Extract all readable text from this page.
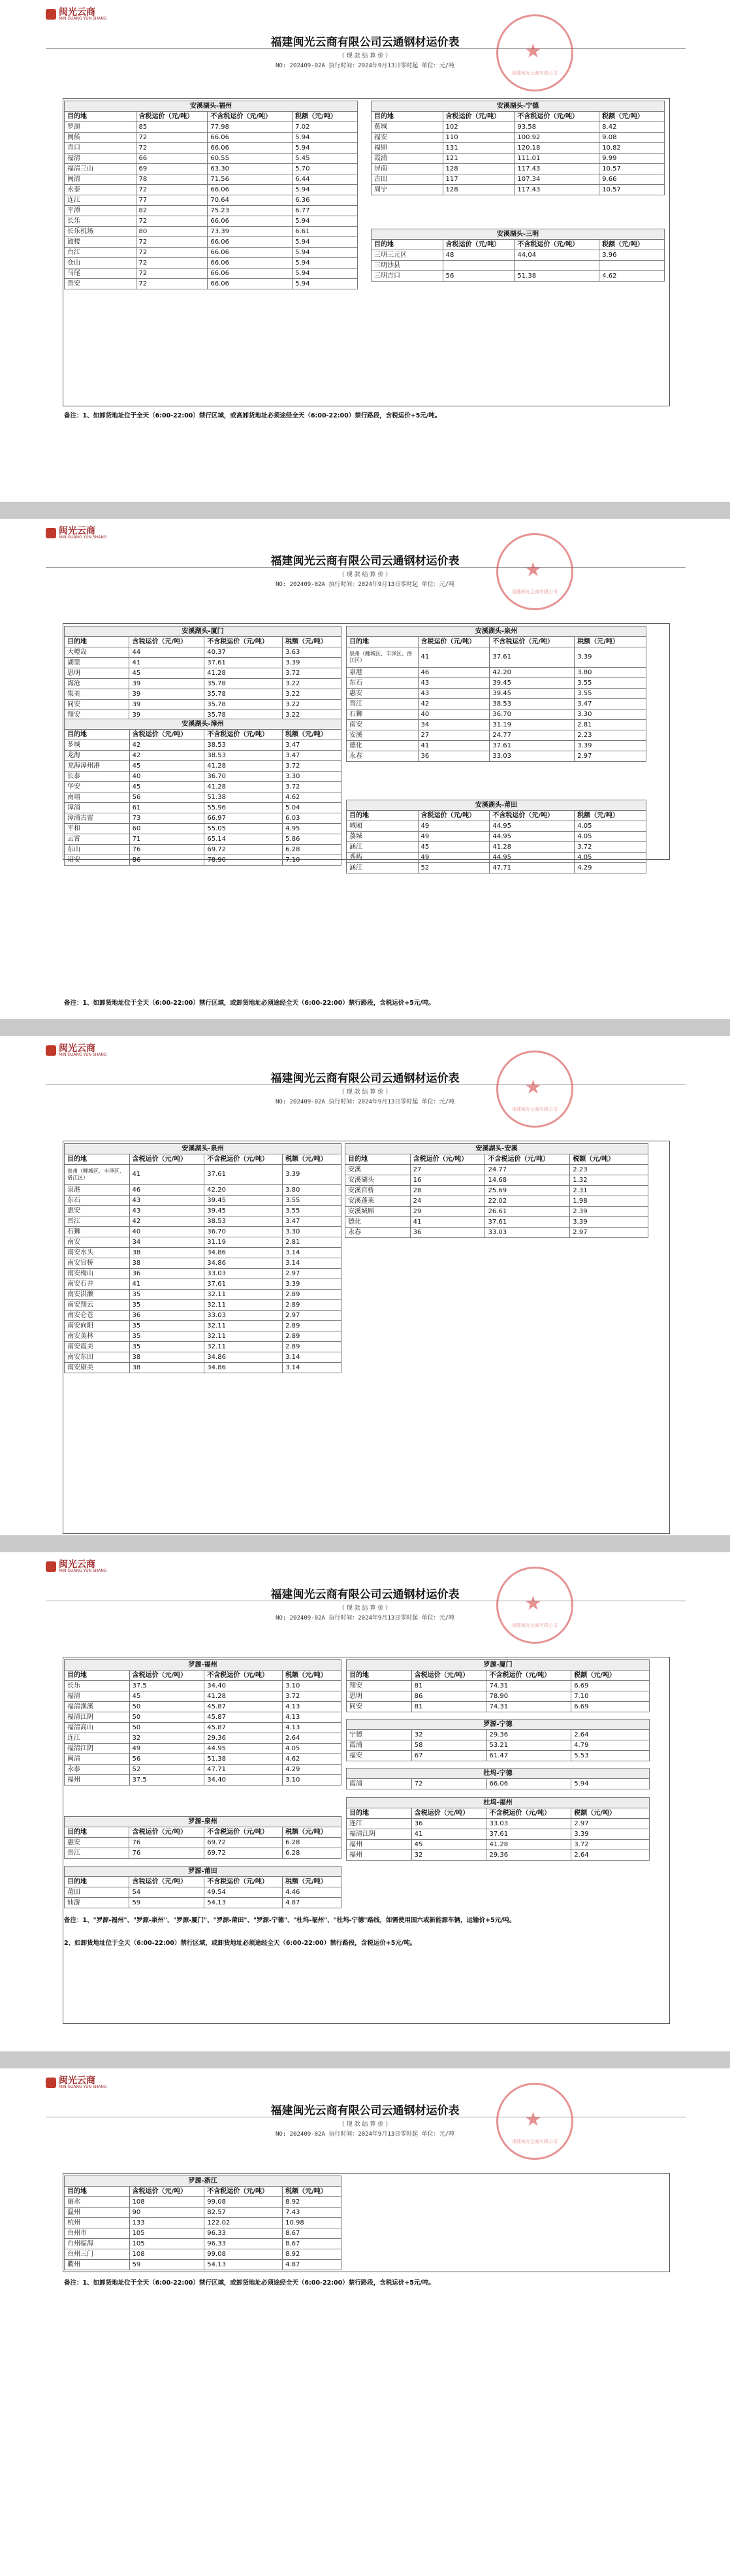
闽光云商
MIN GUANG YUN SHANG
福建闽光云商有限公司云通钢材运价表
（ 现 款 结 算 价 ）
NO: 202409-02A 执行时间：2024年9月13日零时起 单位：元/吨
★
福建闽光云商有限公司
安溪湖头-福州			
目的地	含税运价（元/吨）	不含税运价（元/吨）	税额（元/吨）
罗源	85	77.98	7.02
闽候	72	66.06	5.94
青口	72	66.06	5.94
福清	66	60.55	5.45
福清三山	69	63.30	5.70
闽清	78	71.56	6.44
永泰	72	66.06	5.94
连江	77	70.64	6.36
平潭	82	75.23	6.77
长乐	72	66.06	5.94
长乐机场	80	73.39	6.61
鼓楼	72	66.06	5.94
台江	72	66.06	5.94
仓山	72	66.06	5.94
马尾	72	66.06	5.94
晋安	72	66.06	5.94
安溪湖头-宁德			
目的地	含税运价（元/吨）	不含税运价（元/吨）	税额（元/吨）
蕉城	102	93.58	8.42
福安	110	100.92	9.08
福鼎	131	120.18	10.82
霞浦	121	111.01	9.99
屏南	128	117.43	10.57
古田	117	107.34	9.66
周宁	128	117.43	10.57
安溪湖头-三明			
目的地	含税运价（元/吨）	不含税运价（元/吨）	税额（元/吨）
三明三元区	48	44.04	3.96
三明沙县			
三明吉口	56	51.38	4.62
备注：1、如卸货地址位于全天（6:00-22:00）禁行区域，或高卸货地址必须途经全天（6:00-22:00）禁行路段，含税运价+5元/吨。
闽光云商
MIN GUANG YUN SHANG
福建闽光云商有限公司云通钢材运价表
（ 现 款 结 算 价 ）
NO: 202409-02A 执行时间：2024年9月13日零时起 单位：元/吨
★
福建闽光云商有限公司
安溪湖头-厦门			
目的地	含税运价（元/吨）	不含税运价（元/吨）	税额（元/吨）
大嶝岛	44	40.37	3.63
湖里	41	37.61	3.39
思明	45	41.28	3.72
海沧	39	35.78	3.22
集美	39	35.78	3.22
同安	39	35.78	3.22
翔安	39	35.78	3.22
安溪湖头-漳州			
目的地	含税运价（元/吨）	不含税运价（元/吨）	税额（元/吨）
芗城	42	38.53	3.47
龙海	42	38.53	3.47
龙海漳州港	45	41.28	3.72
长泰	40	36.70	3.30
华安	45	41.28	3.72
南靖	56	51.38	4.62
漳浦	61	55.96	5.04
漳浦古雷	73	66.97	6.03
平和	60	55.05	4.95
云霄	71	65.14	5.86
东山	76	69.72	6.28
诏安	86	78.90	7.10
安溪湖头-泉州			
目的地	含税运价（元/吨）	不含税运价（元/吨）	税额（元/吨）
泉州（鲤城区、丰泽区、洛江区）	41	37.61	3.39
泉港	46	42.20	3.80
东石	43	39.45	3.55
惠安	43	39.45	3.55
晋江	42	38.53	3.47
石狮	40	36.70	3.30
南安	34	31.19	2.81
安溪	27	24.77	2.23
德化	41	37.61	3.39
永春	36	33.03	2.97
安溪湖头-莆田			
目的地	含税运价（元/吨）	不含税运价（元/吨）	税额（元/吨）
城厢	49	44.95	4.05
荔城	49	44.95	4.05
涵江	45	41.28	3.72
秀屿	49	44.95	4.05
涵江	52	47.71	4.29
备注：1、如卸货地址位于全天（6:00-22:00）禁行区域，或卸货地址必须途经全天（6:00-22:00）禁行路段，含税运价+5元/吨。
闽光云商
MIN GUANG YUN SHANG
福建闽光云商有限公司云通钢材运价表
（ 现 款 结 算 价 ）
NO: 202409-02A 执行时间：2024年9月13日零时起 单位：元/吨
★
福建闽光云商有限公司
安溪湖头-泉州			
目的地	含税运价（元/吨）	不含税运价（元/吨）	税额（元/吨）
泉州（鲤城区、丰泽区、洛江区）	41	37.61	3.39
泉港	46	42.20	3.80
东石	43	39.45	3.55
惠安	43	39.45	3.55
晋江	42	38.53	3.47
石狮	40	36.70	3.30
南安	34	31.19	2.81
南安水头	38	34.86	3.14
南安官桥	38	34.86	3.14
南安梅山	36	33.03	2.97
南安石井	41	37.61	3.39
南安洪濑	35	32.11	2.89
南安翔云	35	32.11	2.89
南安仑苍	36	33.03	2.97
南安向阳	35	32.11	2.89
南安美林	35	32.11	2.89
南安霞美	35	32.11	2.89
南安东田	38	34.86	3.14
南安康美	38	34.86	3.14
安溪湖头-安溪			
目的地	含税运价（元/吨）	不含税运价（元/吨）	税额（元/吨）
安溪	27	24.77	2.23
安溪湖头	16	14.68	1.32
安溪官桥	28	25.69	2.31
安溪蓬莱	24	22.02	1.98
安溪城厢	29	26.61	2.39
德化	41	37.61	3.39
永春	36	33.03	2.97
闽光云商
MIN GUANG YUN SHANG
福建闽光云商有限公司云通钢材运价表
（ 现 款 结 算 价 ）
NO: 202409-02A 执行时间：2024年9月13日零时起 单位：元/吨
★
福建闽光云商有限公司
罗源-福州			
目的地	含税运价（元/吨）	不含税运价（元/吨）	税额（元/吨）
长乐	37.5	34.40	3.10
福清	45	41.28	3.72
福清渔溪	50	45.87	4.13
福清江阴	50	45.87	4.13
福清高山	50	45.87	4.13
连江	32	29.36	2.64
福清江阴	49	44.95	4.05
闽清	56	51.38	4.62
永泰	52	47.71	4.29
福州	37.5	34.40	3.10
罗源-泉州			
目的地	含税运价（元/吨）	不含税运价（元/吨）	税额（元/吨）
惠安	76	69.72	6.28
晋江	76	69.72	6.28
罗源-莆田			
目的地	含税运价（元/吨）	不含税运价（元/吨）	税额（元/吨）
莆田	54	49.54	4.46
仙游	59	54.13	4.87
罗源-厦门			
目的地	含税运价（元/吨）	不含税运价（元/吨）	税额（元/吨）
翔安	81	74.31	6.69
思明	86	78.90	7.10
同安	81	74.31	6.69
罗源-宁德			
宁德	32	29.36	2.64
霞浦	58	53.21	4.79
福安	67	61.47	5.53
杜坞-宁德
霞浦	72	66.06	5.94
杜坞-福州			
目的地	含税运价（元/吨）	不含税运价（元/吨）	税额（元/吨）
连江	36	33.03	2.97
福清江阴	41	37.61	3.39
福州	45	41.28	3.72
福州	32	29.36	2.64
备注：1、"罗源-福州"、"罗源-泉州"、"罗源-厦门"、"罗源-莆田"、"罗源-宁德"、"杜坞-福州"、"杜坞-宁德"路线，如需使用国六或新能源车辆，运输价+5元/吨。
2、如卸货地址位于全天（6:00-22:00）禁行区域，或卸货地址必须途经全天（6:00-22:00）禁行路段，含税运价+5元/吨。
闽光云商
MIN GUANG YUN SHANG
福建闽光云商有限公司云通钢材运价表
（ 现 款 结 算 价 ）
NO: 202409-02A 执行时间：2024年9月13日零时起 单位：元/吨
★
福建闽光云商有限公司
罗源-浙江			
目的地	含税运价（元/吨）	不含税运价（元/吨）	税额（元/吨）
丽水	108	99.08	8.92
温州	90	82.57	7.43
杭州	133	122.02	10.98
台州市	105	96.33	8.67
台州临海	105	96.33	8.67
台州三门	108	99.08	8.92
衢州	59	54.13	4.87
备注：1、如卸货地址位于全天（6:00-22:00）禁行区域，或卸货地址必须途经全天（6:00-22:00）禁行路段，含税运价+5元/吨。
